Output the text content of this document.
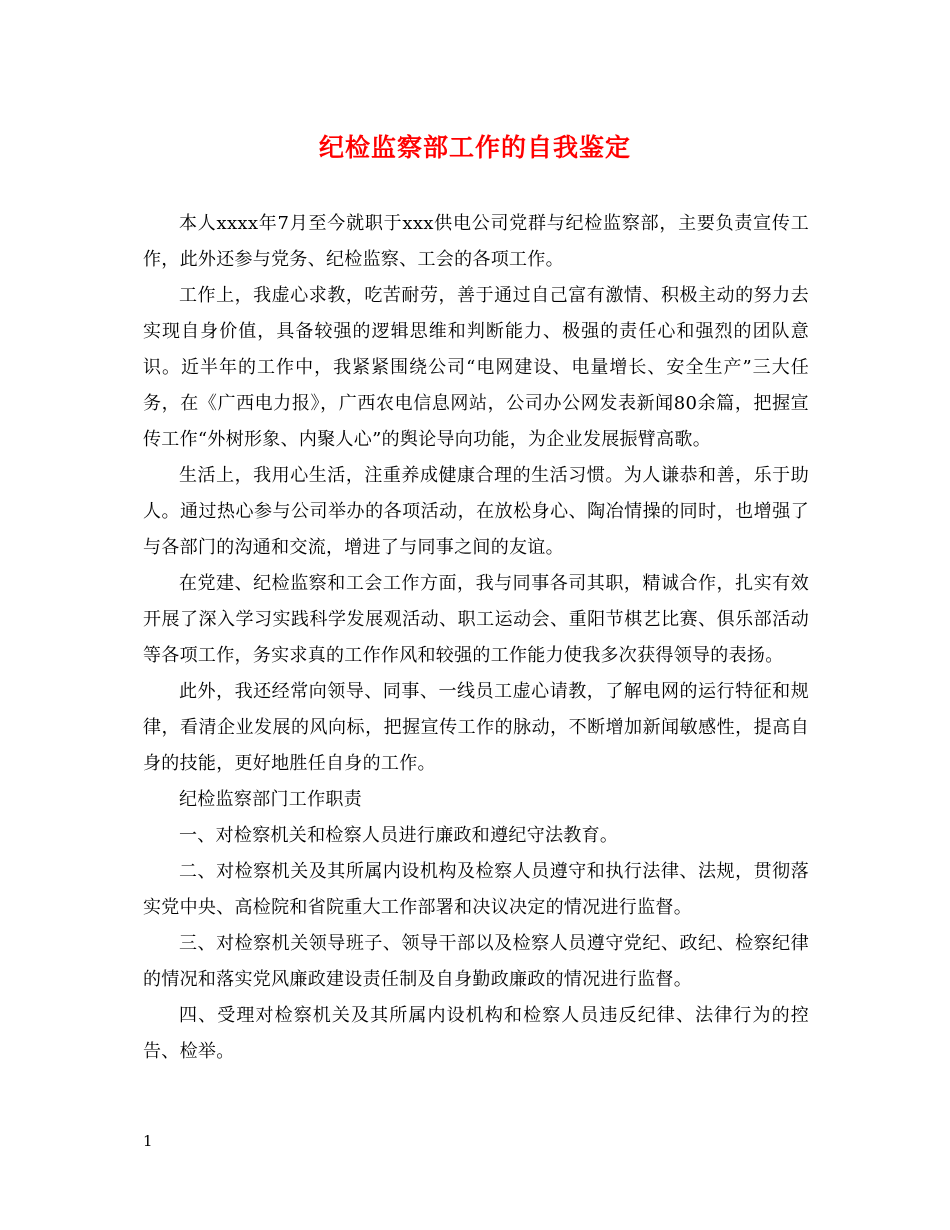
纪检监察部工作的自我鉴定

本人xxxx年7月至今就职于xxx供电公司党群与纪检监察部，主要负责宣传工作，此外还参与党务、纪检监察、工会的各项工作。

工作上，我虚心求教，吃苦耐劳，善于通过自己富有激情、积极主动的努力去实现自身价值，具备较强的逻辑思维和判断能力、极强的责任心和强烈的团队意识。近半年的工作中，我紧紧围绕公司“电网建设、电量增长、安全生产”三大任务，在《广西电力报》，广西农电信息网站，公司办公网发表新闻80余篇，把握宣传工作“外树形象、内聚人心”的舆论导向功能，为企业发展振臂高歌。

生活上，我用心生活，注重养成健康合理的生活习惯。为人谦恭和善，乐于助人。通过热心参与公司举办的各项活动，在放松身心、陶冶情操的同时，也增强了与各部门的沟通和交流，增进了与同事之间的友谊。

在党建、纪检监察和工会工作方面，我与同事各司其职，精诚合作，扎实有效开展了深入学习实践科学发展观活动、职工运动会、重阳节棋艺比赛、俱乐部活动等各项工作，务实求真的工作作风和较强的工作能力使我多次获得领导的表扬。

此外，我还经常向领导、同事、一线员工虚心请教，了解电网的运行特征和规律，看清企业发展的风向标，把握宣传工作的脉动，不断增加新闻敏感性，提高自身的技能，更好地胜任自身的工作。

纪检监察部门工作职责

一、对检察机关和检察人员进行廉政和遵纪守法教育。

二、对检察机关及其所属内设机构及检察人员遵守和执行法律、法规，贯彻落实党中央、高检院和省院重大工作部署和决议决定的情况进行监督。

三、对检察机关领导班子、领导干部以及检察人员遵守党纪、政纪、检察纪律的情况和落实党风廉政建设责任制及自身勤政廉政的情况进行监督。

四、受理对检察机关及其所属内设机构和检察人员违反纪律、法律行为的控告、检举。

1
